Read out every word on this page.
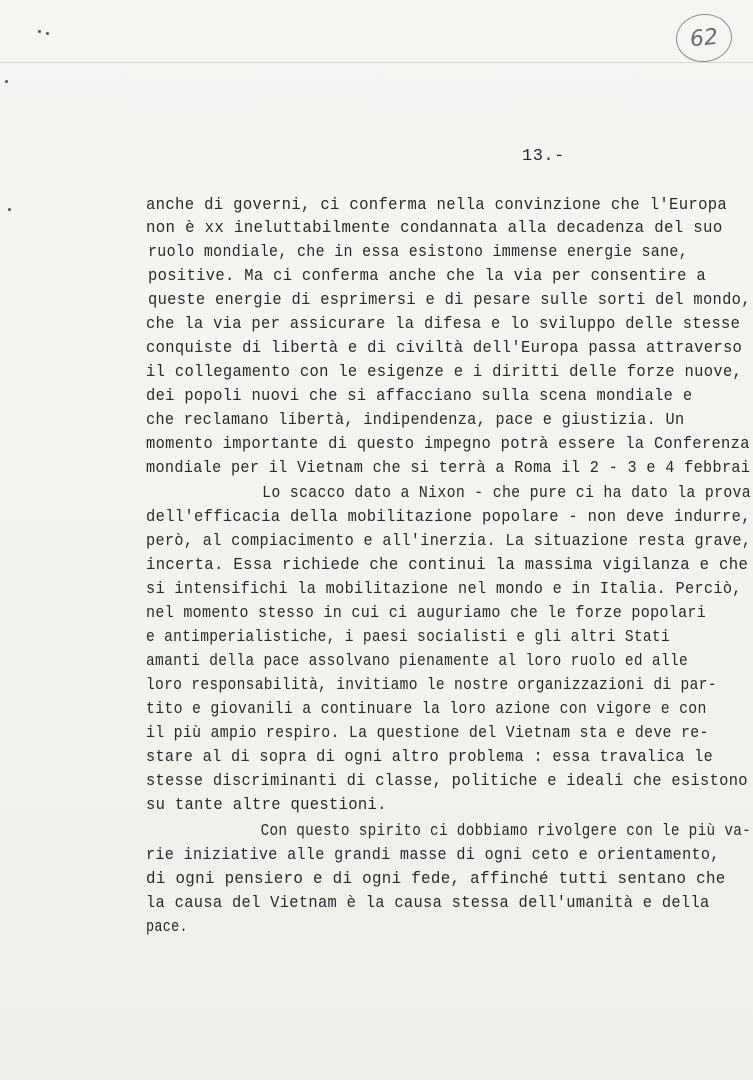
62
13.-
anche di governi, ci conferma nella convinzione che l'Europa
non è xx ineluttabilmente condannata alla decadenza del suo
ruolo mondiale, che in essa esistono immense energie sane,
positive. Ma ci conferma anche che la via per consentire a
queste energie di esprimersi e di pesare sulle sorti del mondo,
che la via per assicurare la difesa e lo sviluppo delle stesse
conquiste di libertà e di civiltà dell'Europa passa attraverso
il collegamento con le esigenze e i diritti delle forze nuove,
dei popoli nuovi che si affacciano sulla scena mondiale e
che reclamano libertà, indipendenza, pace e giustizia. Un
momento importante di questo impegno potrà essere la Conferenza
mondiale per il Vietnam che si terrà a Roma il 2 - 3 e 4 febbrai
Lo scacco dato a Nixon - che pure ci ha dato la prova
dell'efficacia della mobilitazione popolare - non deve indurre,
però, al compiacimento e all'inerzia. La situazione resta grave,
incerta. Essa richiede che continui la massima vigilanza e che
si intensifichi la mobilitazione nel mondo e in Italia. Perciò,
nel momento stesso in cui ci auguriamo che le forze popolari
e antimperialistiche, i paesi socialisti e gli altri Stati
amanti della pace assolvano pienamente al loro ruolo ed alle
loro responsabilità, invitiamo le nostre organizzazioni di par-
tito e giovanili a continuare la loro azione con vigore e con
il più ampio respiro. La questione del Vietnam sta e deve re-
stare al di sopra di ogni altro problema : essa travalica le
stesse discriminanti di classe, politiche e ideali che esistono
su tante altre questioni.
Con questo spirito ci dobbiamo rivolgere con le più va-
rie iniziative alle grandi masse di ogni ceto e orientamento,
di ogni pensiero e di ogni fede, affinché tutti sentano che
la causa del Vietnam è la causa stessa dell'umanità e della
pace.
